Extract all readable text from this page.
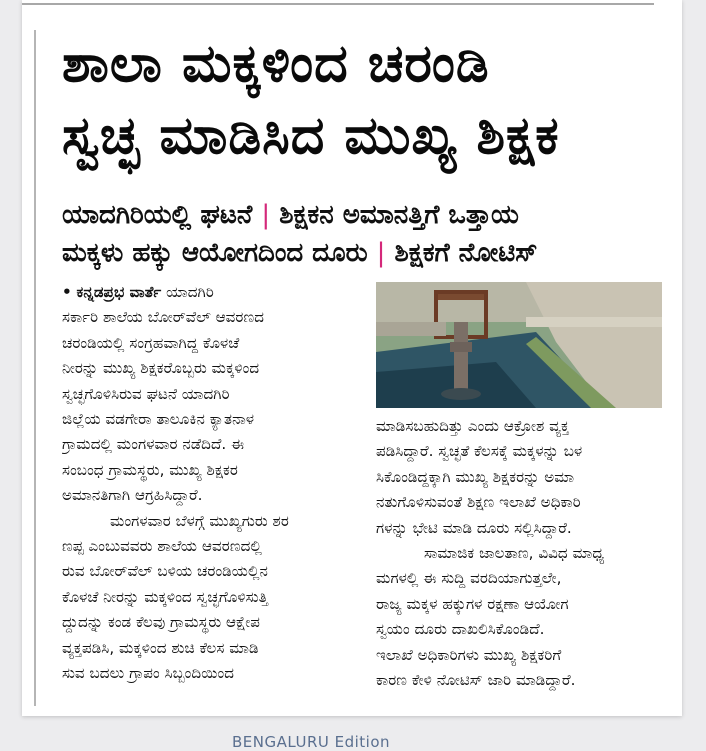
ಶಾಲಾ ಮಕ್ಕಳಿಂದ ಚರಂಡಿ
ಸ್ವಚ್ಛ ಮಾಡಿಸಿದ ಮುಖ್ಯ ಶಿಕ್ಷಕ
ಯಾದಗಿರಿಯಲ್ಲಿ ಘಟನೆ | ಶಿಕ್ಷಕನ ಅಮಾನತ್ತಿಗೆ ಒತ್ತಾಯ
ಮಕ್ಕಳು ಹಕ್ಕು ಆಯೋಗದಿಂದ ದೂರು | ಶಿಕ್ಷಕಗೆ ನೋಟಿಸ್
• ಕನ್ನಡಪ್ರಭ ವಾರ್ತೆ ಯಾದಗಿರಿ

ಸರ್ಕಾರಿ ಶಾಲೆಯ ಬೋರ್‌ವೆಲ್ ಆವರಣದ
ಚರಂಡಿಯಲ್ಲಿ ಸಂಗ್ರಹವಾಗಿದ್ದ ಕೊಳಚೆ
ನೀರನ್ನು ಮುಖ್ಯ ಶಿಕ್ಷಕರೊಬ್ಬರು ಮಕ್ಕಳಿಂದ
ಸ್ವಚ್ಛಗೊಳಿಸಿರುವ ಘಟನೆ ಯಾದಗಿರಿ
ಜಿಲ್ಲೆಯ ವಡಗೇರಾ ತಾಲೂಕಿನ ಕ್ಯಾತನಾಳ
ಗ್ರಾಮದಲ್ಲಿ ಮಂಗಳವಾರ ನಡೆದಿದೆ. ಈ
ಸಂಬಂಧ ಗ್ರಾಮಸ್ಥರು, ಮುಖ್ಯ ಶಿಕ್ಷಕರ
ಅಮಾನತಿಗಾಗಿ ಆಗ್ರಹಿಸಿದ್ದಾರೆ.

ಮಂಗಳವಾರ ಬೆಳಗ್ಗೆ ಮುಖ್ಯಗುರು ಶರ
ಣಪ್ಪ ಎಂಬುವವರು ಶಾಲೆಯ ಆವರಣದಲ್ಲಿ
ರುವ ಬೋರ್‌ವೆಲ್ ಬಳಿಯ ಚರಂಡಿಯಲ್ಲಿನ
ಕೊಳಚೆ ನೀರನ್ನು ಮಕ್ಕಳಿಂದ ಸ್ವಚ್ಛಗೊಳಿಸುತ್ತಿ
ದ್ದುದನ್ನು ಕಂಡ ಕೆಲವು ಗ್ರಾಮಸ್ಥರು ಆಕ್ಷೇಪ
ವ್ಯಕ್ತಪಡಿಸಿ, ಮಕ್ಕಳಿಂದ ಶುಚಿ ಕೆಲಸ ಮಾಡಿ
ಸುವ ಬದಲು ಗ್ರಾಪಂ ಸಿಬ್ಬಂದಿಯಿಂದ

ಮಾಡಿಸಬಹುದಿತ್ತು ಎಂದು ಆಕ್ರೋಶ ವ್ಯಕ್ತ
ಪಡಿಸಿದ್ದಾರೆ. ಸ್ವಚ್ಛತೆ ಕೆಲಸಕ್ಕೆ ಮಕ್ಕಳನ್ನು ಬಳ
ಸಿಕೊಂಡಿದ್ದಕ್ಕಾಗಿ ಮುಖ್ಯ ಶಿಕ್ಷಕರನ್ನು ಅಮಾ
ನತುಗೊಳಿಸುವಂತೆ ಶಿಕ್ಷಣ ಇಲಾಖೆ ಅಧಿಕಾರಿ
ಗಳನ್ನು ಭೇಟಿ ಮಾಡಿ ದೂರು ಸಲ್ಲಿಸಿದ್ದಾರೆ.

ಸಾಮಾಜಿಕ ಜಾಲತಾಣ, ವಿವಿಧ ಮಾಧ್ಯ
ಮಗಳಲ್ಲಿ ಈ ಸುದ್ದಿ ವರದಿಯಾಗುತ್ತಲೇ,
ರಾಜ್ಯ ಮಕ್ಕಳ ಹಕ್ಕುಗಳ ರಕ್ಷಣಾ ಆಯೋಗ
ಸ್ವಯಂ ದೂರು ದಾಖಲಿಸಿಕೊಂಡಿದೆ.
ಇಲಾಖೆ ಅಧಿಕಾರಿಗಳು ಮುಖ್ಯ ಶಿಕ್ಷಕರಿಗೆ
ಕಾರಣ ಕೇಳಿ ನೋಟಿಸ್ ಜಾರಿ ಮಾಡಿದ್ದಾರೆ.

BENGALURU Edition
